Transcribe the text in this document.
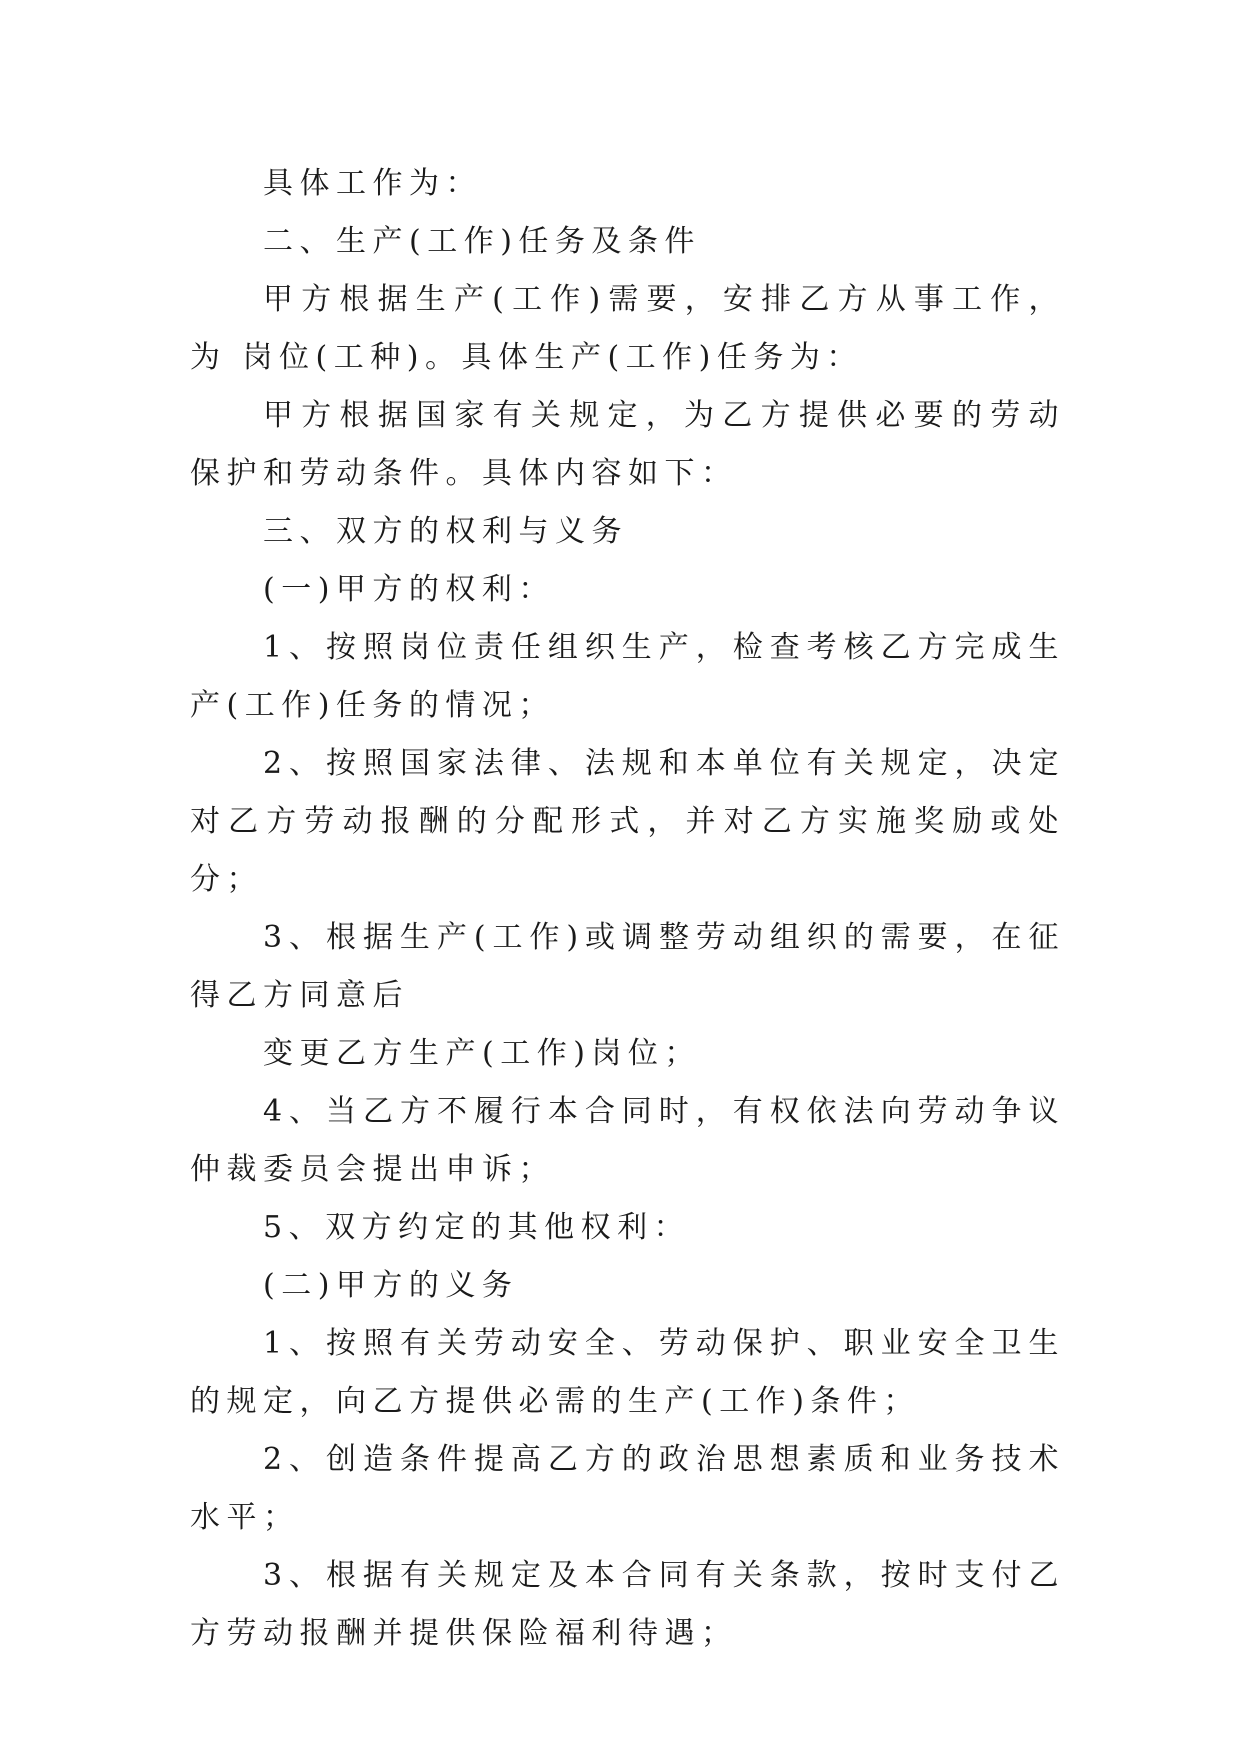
具体工作为：

二、生产(工作)任务及条件

甲方根据生产(工作)需要，安排乙方从事工作，为 岗位(工种)。具体生产(工作)任务为：

甲方根据国家有关规定，为乙方提供必要的劳动保护和劳动条件。具体内容如下：

三、双方的权利与义务

(一)甲方的权利：

1、按照岗位责任组织生产，检查考核乙方完成生产(工作)任务的情况；

2、按照国家法律、法规和本单位有关规定，决定对乙方劳动报酬的分配形式，并对乙方实施奖励或处分；

3、根据生产(工作)或调整劳动组织的需要，在征得乙方同意后

变更乙方生产(工作)岗位；

4、当乙方不履行本合同时，有权依法向劳动争议仲裁委员会提出申诉；

5、双方约定的其他权利：

(二)甲方的义务

1、按照有关劳动安全、劳动保护、职业安全卫生的规定，向乙方提供必需的生产(工作)条件；

2、创造条件提高乙方的政治思想素质和业务技术水平；

3、根据有关规定及本合同有关条款，按时支付乙方劳动报酬并提供保险福利待遇；
